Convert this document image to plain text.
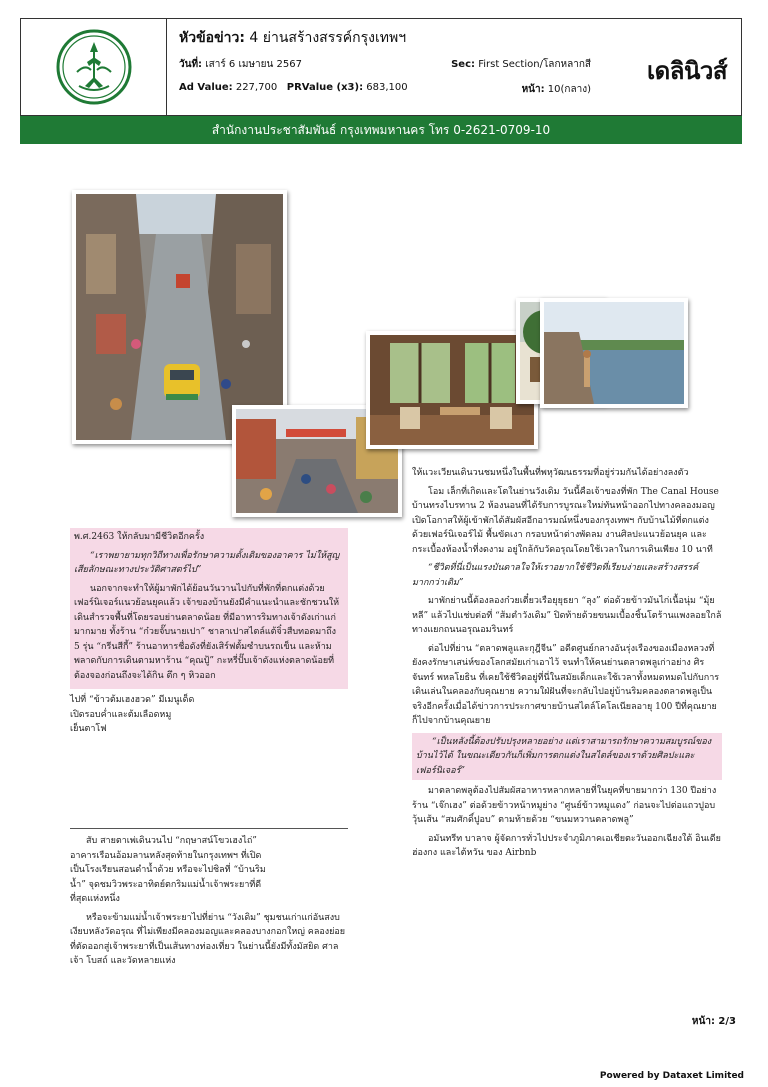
หัวข้อข่าว: 4 ย่านสร้างสรรค์กรุงเทพฯ
วันที่: เสาร์ 6 เมษายน 2567	Sec: First Section/โลกหลากสี
Ad Value: 227,700 PRValue (x3): 683,100	หน้า: 10(กลาง)
เดลินิวส์
สำนักงานประชาสัมพันธ์ กรุงเทพมหานคร โทร 0-2621-0709-10

พ.ศ.2463 ให้กลับมามีชีวิตอีกครั้ง

“เราพยายามทุกวิถีทางเพื่อรักษาความดั้งเดิมของอาคาร ไม่ให้สูญเสียลักษณะทางประวัติศาสตร์ไป”

นอกจากจะทำให้ผู้มาพักได้ย้อนวันวานไปกับที่พักที่ตกแต่งด้วยเฟอร์นิเจอร์แนวย้อนยุคแล้ว เจ้าของบ้านยังมีคำแนะนำและชักชวนให้เดินสำรวจพื้นที่โดยรอบย่านตลาดน้อย ที่มีอาหารริมทางเจ้าดังเก่าแก่มากมาย ทั้งร้าน “ก๋วยจั๊บนายเปา” ชาลาเปาสไตล์แต้จิ๋วสืบทอดมาถึง 5 รุ่น “กรีนสีกี้” ร้านอาหารชื่อดังที่ยังเสิร์ฟตั้มซำบนรถเข็น และห้ามพลาดกับการเดินตามหาร้าน “คุณปู้” กะหรี่ปั๊บเจ้าดังแห่งตลาดน้อยที่ต้องจองก่อนถึงจะได้กิน ตึก ๆ หิวออก

ไปที่ “ข้าวต้มเฮงฮวด” มีเมนูเด็ดเปิดรอบค่ำและต้มเลือดหมูเย็นตาโฟ

สับ สายตาเพ่เดินวนไป “กฤษาสน์โขวเฮงไถ่” อาคารเรือนอ้อมลานหลังสุดท้ายในกรุงเทพฯ ที่เปิดเป็นโรงเรียนสอนดำน้ำด้วย หรือจะไปชิลที่ “บ้านริมน้ำ” จุดชมวิวพระอาทิตย์ตกริมแม่น้ำเจ้าพระยาที่ดีที่สุดแห่งหนึ่ง

หรือจะข้ามแม่น้ำเจ้าพระยาไปที่ย่าน “วังเดิม” ชุมชนเก่าแก่อันสงบเงียบหลังวัดอรุณ ที่ไม่เพียงมีคลองมอญและคลองบางกอกใหญ่ คลองย่อยที่ตัดออกสู่เจ้าพระยาที่เป็นเส้นทางท่องเที่ยว ในย่านนี้ยังมีทั้งมัสยิด ศาลเจ้า โบสถ์ และวัดหลายแห่ง

ให้แวะเวียนเดินวนชมหนึ่งในพื้นที่พหุวัฒนธรรมที่อยู่ร่วมกันได้อย่างลงตัว

โอม เล็กที่เกิดและโตในย่านวังเดิม วันนี้คือเจ้าของที่พัก The Canal House บ้านทรงไบรทาน 2 ห้องนอนที่ได้รับการบูรณะใหม่ทันหน้าออกไปทางคลองมอญ เปิดโอกาสให้ผู้เข้าพักได้สัมผัสอีกอารมณ์หนึ่งของกรุงเทพฯ กับบ้านไม้ที่ตกแต่งด้วยเฟอร์นิเจอร์ไม้ พื้นขัดเงา กรอบหน้าต่างพัดลม งานศิลปะแนวย้อนยุค และกระเบื้องห้องน้ำที่งดงาม อยู่ใกล้กับวัดอรุณโดยใช้เวลาในการเดินเพียง 10 นาที

“ชีวิตที่นี่เป็นแรงบันดาลใจให้เราอยากใช้ชีวิตที่เรียบง่ายและสร้างสรรค์มากกว่าเดิม”

มาพักย่านนี้ต้องลองก๋วยเตี๋ยวเรือยุยุธยา “ลุง” ต่อด้วยข้าวมันไก่เนื้อนุ่ม “มุ้ยหลี” แล้วไปแช่บต่อที่ “ส้มตำวังเดิม” ปิดท้ายด้วยขนมเบื้องชิ้นโตร้านแพงลอยใกล้ทางแยกถนนอรุณอมรินทร์

ต่อไปที่ย่าน “ตลาดพลูและกุฎีจีน” อดีตศูนย์กลางอันรุ่งเรืองของเมืองหลวงที่ยังคงรักษาเสน่ห์ของโลกสมัยเก่าเอาไว้ จนทำให้คนย่านตลาดพลูเก่าอย่าง ศิรจันทร์ พหลโยธิน ที่เคยใช้ชีวิตอยู่ที่นี่ในสมัยเด็กและใช้เวลาทั้งหมดหมดไปกับการเดินเล่นในคลองกับคุณยาย ความใฝ่ฝันที่จะกลับไปอยู่บ้านริมคลองตลาดพลูเป็นจริงอีกครั้งเมื่อได้ข่าวการประกาศขายบ้านสไตล์โคโลเนียลอายุ 100 ปีที่คุณยายก็ไปจากบ้านคุณยาย

“เป็นหลังนี้ต้องปรับปรุงหลายอย่าง แต่เราสามารถรักษาความสมบูรณ์ของบ้านไว้ได้ ในขณะเดียวกันก็เพิ่มการตกแต่งในสไตล์ของเราด้วยศิลปะและเฟอร์นิเจอร์”

มาตลาดพลูต้องไปสัมผัสอาหารหลากหลายที่ในยุคที่ขายมากว่า 130 ปีอย่างร้าน “เจ๊กเฮง” ต่อด้วยข้าวหน้าหมูย่าง “ศูนย์ข้าวหมูแดง” ก่อนจะไปต่อแถวปูอบวุ้นเส้น “สมศักดิ์ปูอบ” ตามท้ายด้วย “ขนมหวานตลาดพลู”

อมันทรีท บาลาจ ผู้จัดการทั่วไปประจำภูมิภาคเอเชียตะวันออกเฉียงใต้ อินเดีย ฮ่องกง และไต้หวัน ของ Airbnb

หน้า: 2/3
Powered by Dataxet Limited
